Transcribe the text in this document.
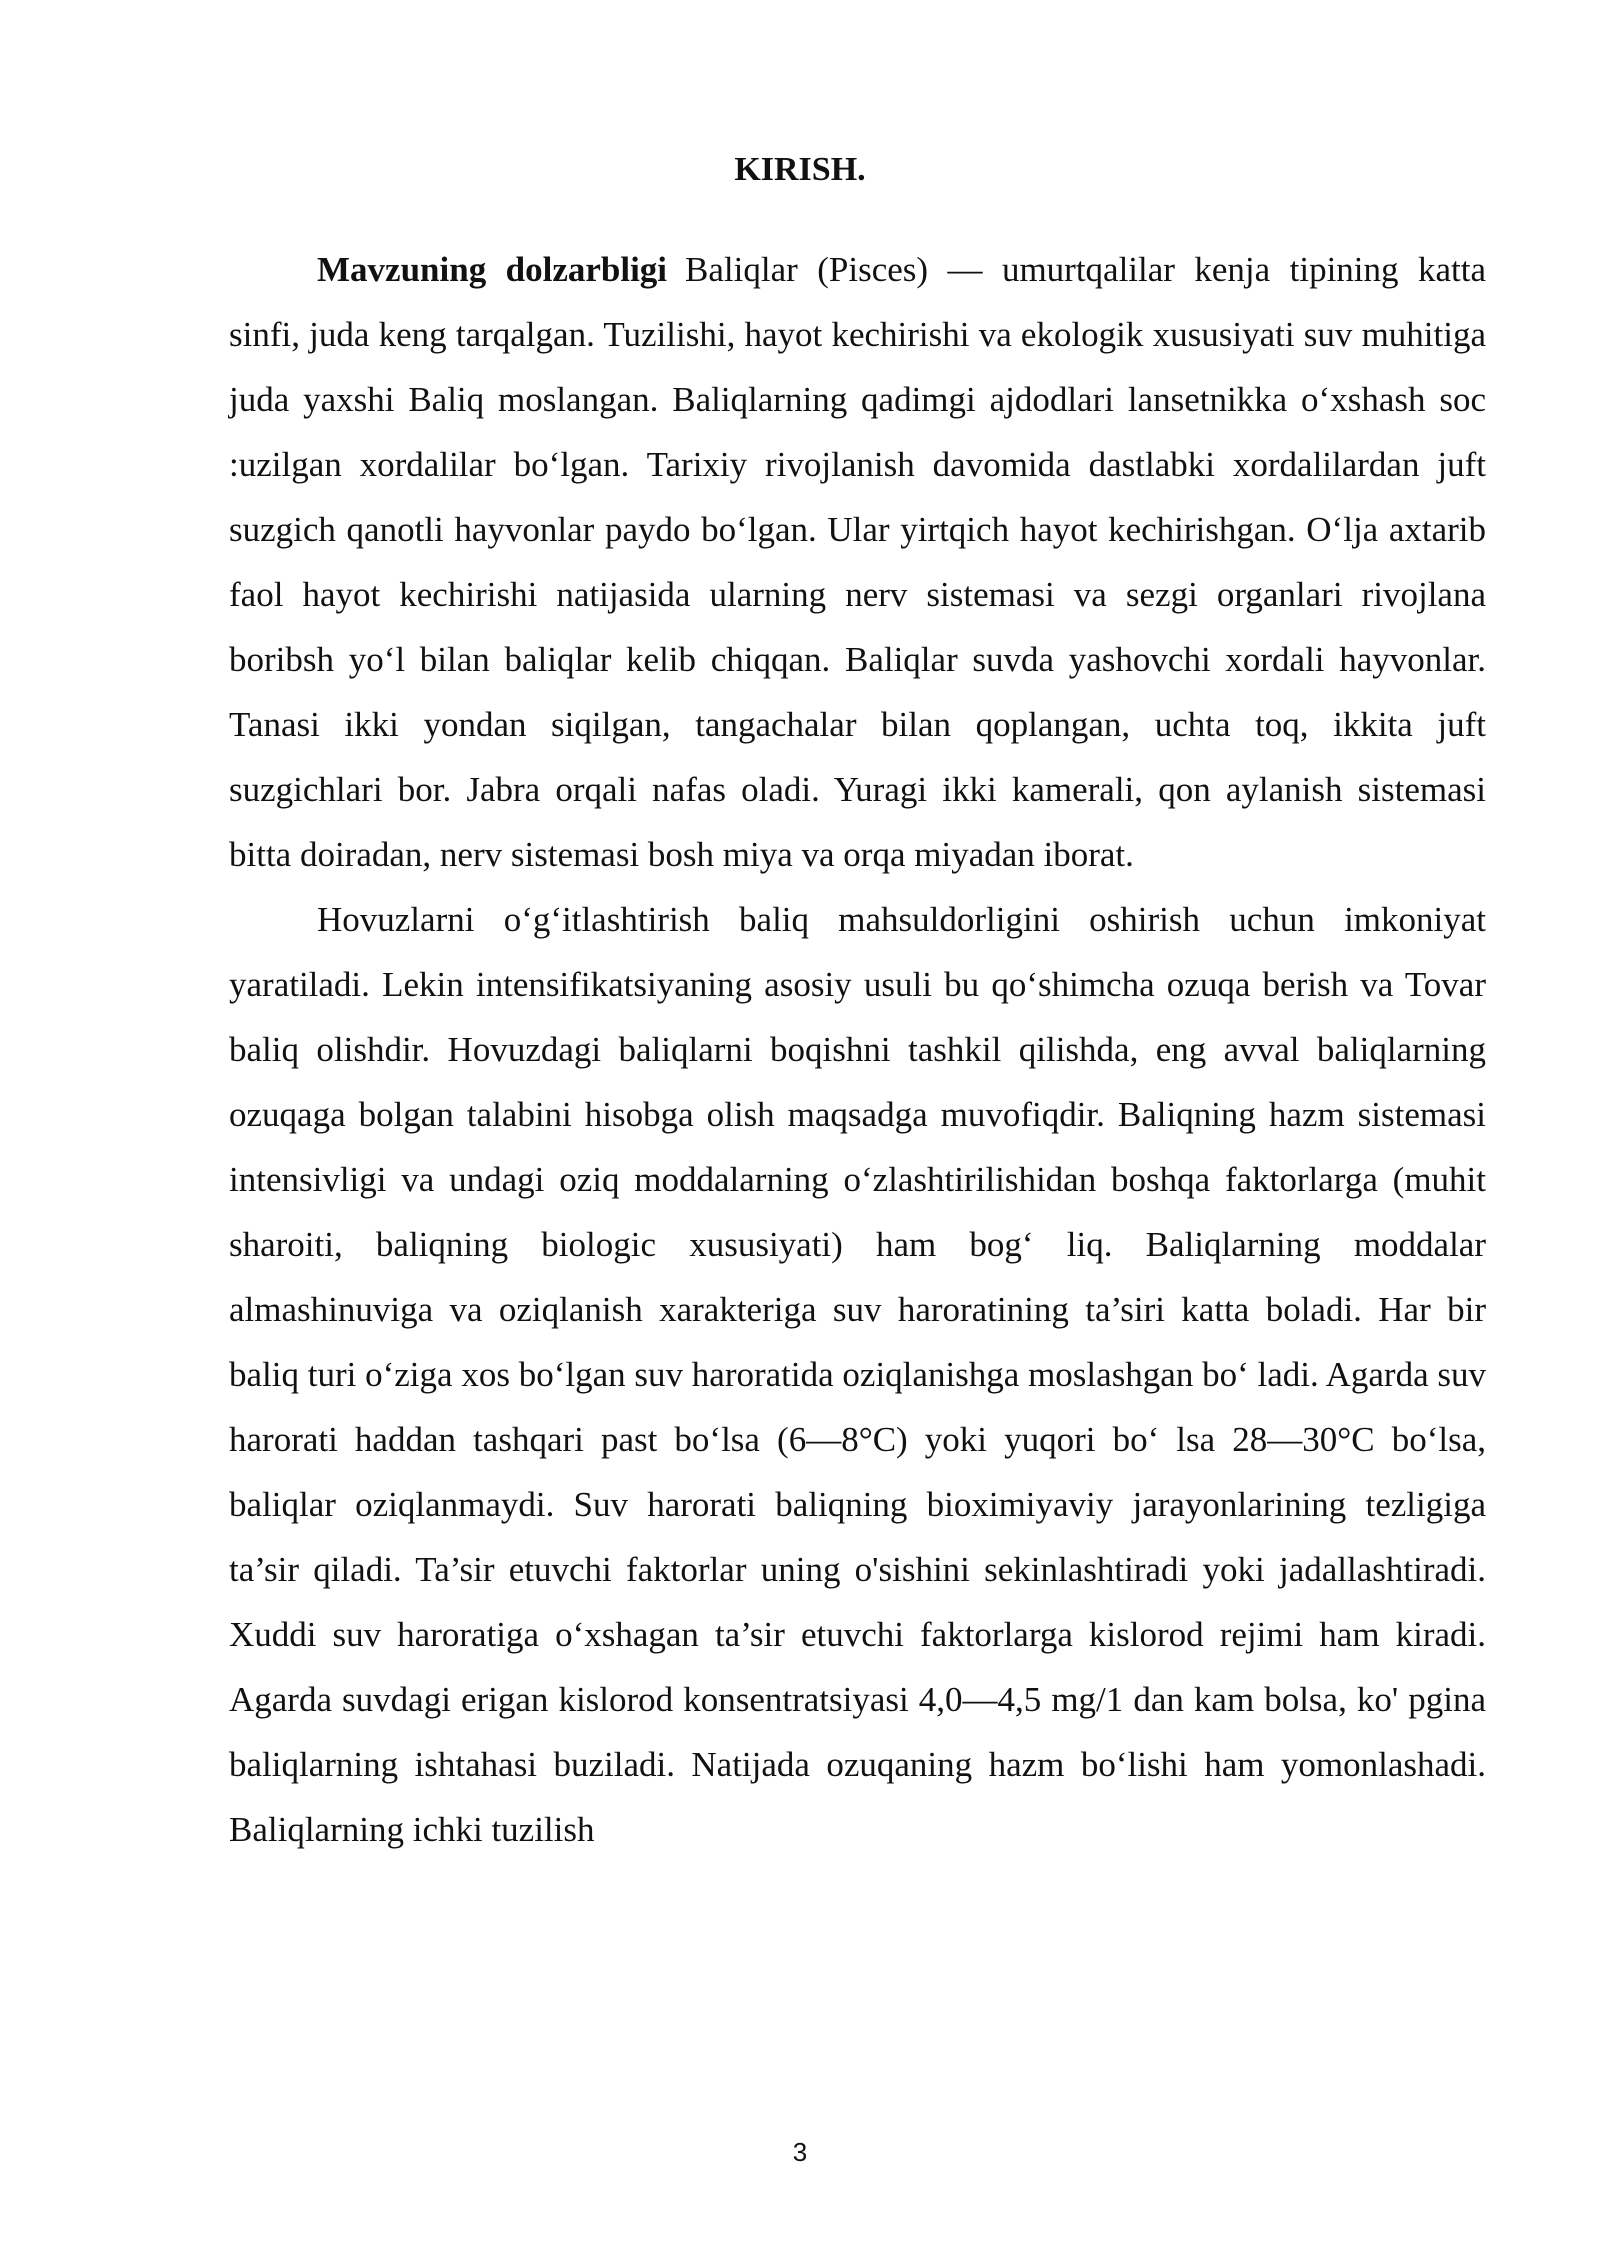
KIRISH.

Mavzuning dolzarbligi Baliqlar (Pisces) — umurtqalilar kenja tipining katta sinfi, juda keng tarqalgan. Tuzilishi, hayot kechirishi va ekologik xususiyati suv muhitiga juda yaxshi Baliq moslangan. Baliqlarning qadimgi ajdodlari lansetnikka o‘xshash soc :uzilgan xordalilar bo‘lgan. Tarixiy rivojlanish davomida dastlabki xordalilardan juft suzgich qanotli hayvonlar paydo bo‘lgan. Ular yirtqich hayot kechirishgan. O‘lja axtarib faol hayot kechirishi natijasida ularning nerv sistemasi va sezgi organlari rivojlana boribsh yo‘l bilan baliqlar kelib chiqqan. Baliqlar suvda yashovchi xordali hayvonlar. Tanasi ikki yondan siqilgan, tangachalar bilan qoplangan, uchta toq, ikkita juft suzgichlari bor. Jabra orqali nafas oladi. Yuragi ikki kamerali, qon aylanish sistemasi bitta doiradan, nerv sistemasi bosh miya va orqa miyadan iborat.

Hovuzlarni o‘g‘itlashtirish baliq mahsuldorligini oshirish uchun imkoniyat yaratiladi. Lekin intensifikatsiyaning asosiy usuli bu qo‘shimcha ozuqa berish va Tovar baliq olishdir. Hovuzdagi baliqlarni boqishni tashkil qilishda, eng avval baliqlarning ozuqaga bolgan talabini hisobga olish maqsadga muvofiqdir. Baliqning hazm sistemasi intensivligi va undagi oziq moddalarning o‘zlashtirilishidan boshqa faktorlarga (muhit sharoiti, baliqning biologic xususiyati) ham bog‘ liq. Baliqlarning moddalar almashinuviga va oziqlanish xarakteriga suv haroratining ta’siri katta boladi. Har bir baliq turi o‘ziga xos bo‘lgan suv haroratida oziqlanishga moslashgan bo‘ ladi. Agarda suv harorati haddan tashqari past bo‘lsa (6—8°C) yoki yuqori bo‘ lsa 28—30°C bo‘lsa, baliqlar oziqlanmaydi. Suv harorati baliqning bioximiyaviy jarayonlarining tezligiga ta’sir qiladi. Ta’sir etuvchi faktorlar uning o'sishini sekinlashtiradi yoki jadallashtiradi. Xuddi suv haroratiga o‘xshagan ta’sir etuvchi faktorlarga kislorod rejimi ham kiradi. Agarda suvdagi erigan kislorod konsentratsiyasi 4,0—4,5 mg/1 dan kam bolsa, ko' pgina baliqlarning ishtahasi buziladi. Natijada ozuqaning hazm bo‘lishi ham yomonlashadi. Baliqlarning ichki tuzilish

3
